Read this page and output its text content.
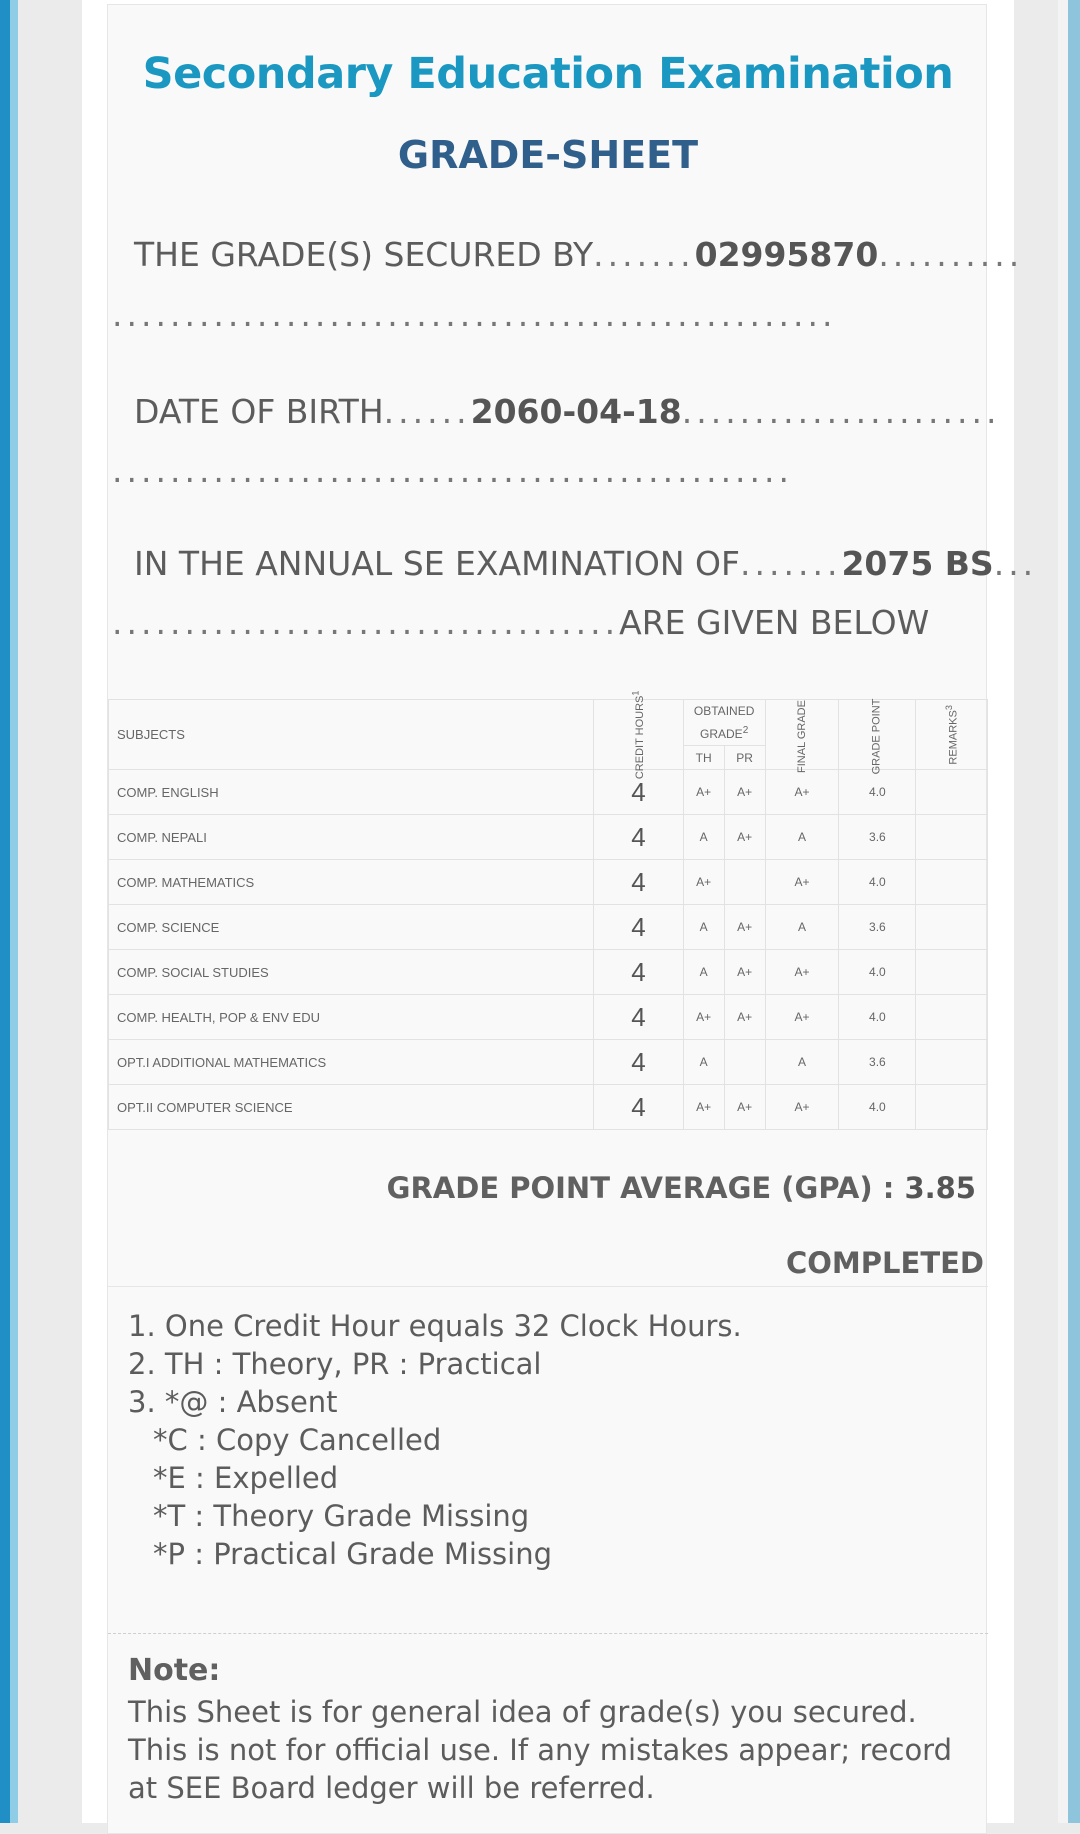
Secondary Education Examination
GRADE-SHEET
THE GRADE(S) SECURED BY.......02995870..........
..................................................
DATE OF BIRTH......2060-04-18......................
...............................................
IN THE ANNUAL SE EXAMINATION OF.......2075 BS...
...................................ARE GIVEN BELOW
SUBJECTS	CREDIT HOURS$^1$	OBTAINED GRADE$^2$		FINAL GRADE	GRADE POINT	REMARKS$^3$
		TH	PR			
COMP. ENGLISH	4	A+	A+	A+	4.0	
COMP. NEPALI	4	A	A+	A	3.6	
COMP. MATHEMATICS	4	A+		A+	4.0	
COMP. SCIENCE	4	A	A+	A	3.6	
COMP. SOCIAL STUDIES	4	A	A+	A+	4.0	
COMP. HEALTH, POP & ENV EDU	4	A+	A+	A+	4.0	
OPT.I ADDITIONAL MATHEMATICS	4	A		A	3.6	
OPT.II COMPUTER SCIENCE	4	A+	A+	A+	4.0	
GRADE POINT AVERAGE (GPA) : 3.85
COMPLETED
1. One Credit Hour equals 32 Clock Hours.
2. TH : Theory, PR : Practical
3. *@ : Absent
*C : Copy Cancelled
*E : Expelled
*T : Theory Grade Missing
*P : Practical Grade Missing
Note:
This Sheet is for general idea of grade(s) you secured. This is not for official use. If any mistakes appear; record at SEE Board ledger will be referred.
